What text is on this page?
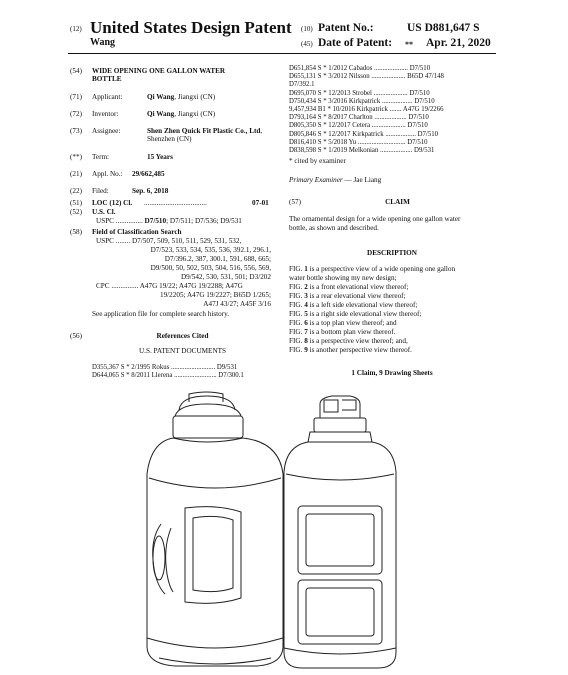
(12) United States Design Patent
Wang
(10) Patent No.:	US D881,647 S
(45) Date of Patent: ** Apr. 21, 2020
(54) WIDE OPENING ONE GALLON WATER
BOTTLE
(71) Applicant:	Qi Wang, Jiangxi (CN)
(72) Inventor:	Qi Wang, Jiangxi (CN)
(73) Assignee:	Shen Zhen Quick Fit Plastic Co., Ltd,
Shenzhen (CN)
(**) Term:	15 Years
(21) Appl. No.: 29/662,485
(22) Filed:	Sep. 6, 2018
(51) LOC (12) Cl. ...................................	07-01
(52) U.S. Cl.
USPC ............... D7/510; D7/511; D7/536; D9/531
(58) Field of Classification Search
USPC ........ D7/507, 509, 510, 511, 529, 531, 532,
D7/523, 533, 534, 535, 536, 392.1, 296.1,
D7/396.2, 387, 300.1, 591, 688, 665;
D9/500, 50, 502, 503, 504, 516, 556, 569,
D9/542, 530, 531, 501; D3/202
CPC ............... A47G 19/22; A47G 19/2288; A47G
19/2205; A47G 19/2227; B65D 1/265;
A47J 43/27; A45F 3/16
See application file for complete search history.
(56)	References Cited
U.S. PATENT DOCUMENTS
D355,367 S * 2/1995 Rokus .......................... D9/531
D644,065 S * 8/2011 Llerena ......................... D7/300.1
D651,854 S * 1/2012 Cabados .................... D7/510
D655,131 S * 3/2012 Nilsson .................... B65D 47/148
D7/392.1
D695,070 S * 12/2013 Strobel .................... D7/510
D750,434 S * 3/2016 Kirkpatrick .................. D7/510
9,457,934 B1 * 10/2016 Kirkpatrick ....... A47G 19/2266
D793,164 S * 8/2017 Charlton ................... D7/510
D805,350 S * 12/2017 Cetera .................... D7/510
D805,846 S * 12/2017 Kirkpatrick .................. D7/510
D816,410 S * 5/2018 Yu ............................ D7/510
D838,598 S * 1/2019 Melkonian ................... D9/531
* cited by examiner
Primary Examiner — Jae Liang
(57)	CLAIM
The ornamental design for a wide opening one gallon water
bottle, as shown and described.
DESCRIPTION
FIG. 1 is a perspective view of a wide opening one gallon
water bottle showing my new design;
FIG. 2 is a front elevational view thereof;
FIG. 3 is a rear elevational view thereof;
FIG. 4 is a left side elevational view thereof;
FIG. 5 is a right side elevational view thereof;
FIG. 6 is a top plan view thereof; and
FIG. 7 is a bottom plan view thereof.
FIG. 8 is a perspective view thereof; and,
FIG. 9 is another perspective view thereof.
1 Claim, 9 Drawing Sheets
